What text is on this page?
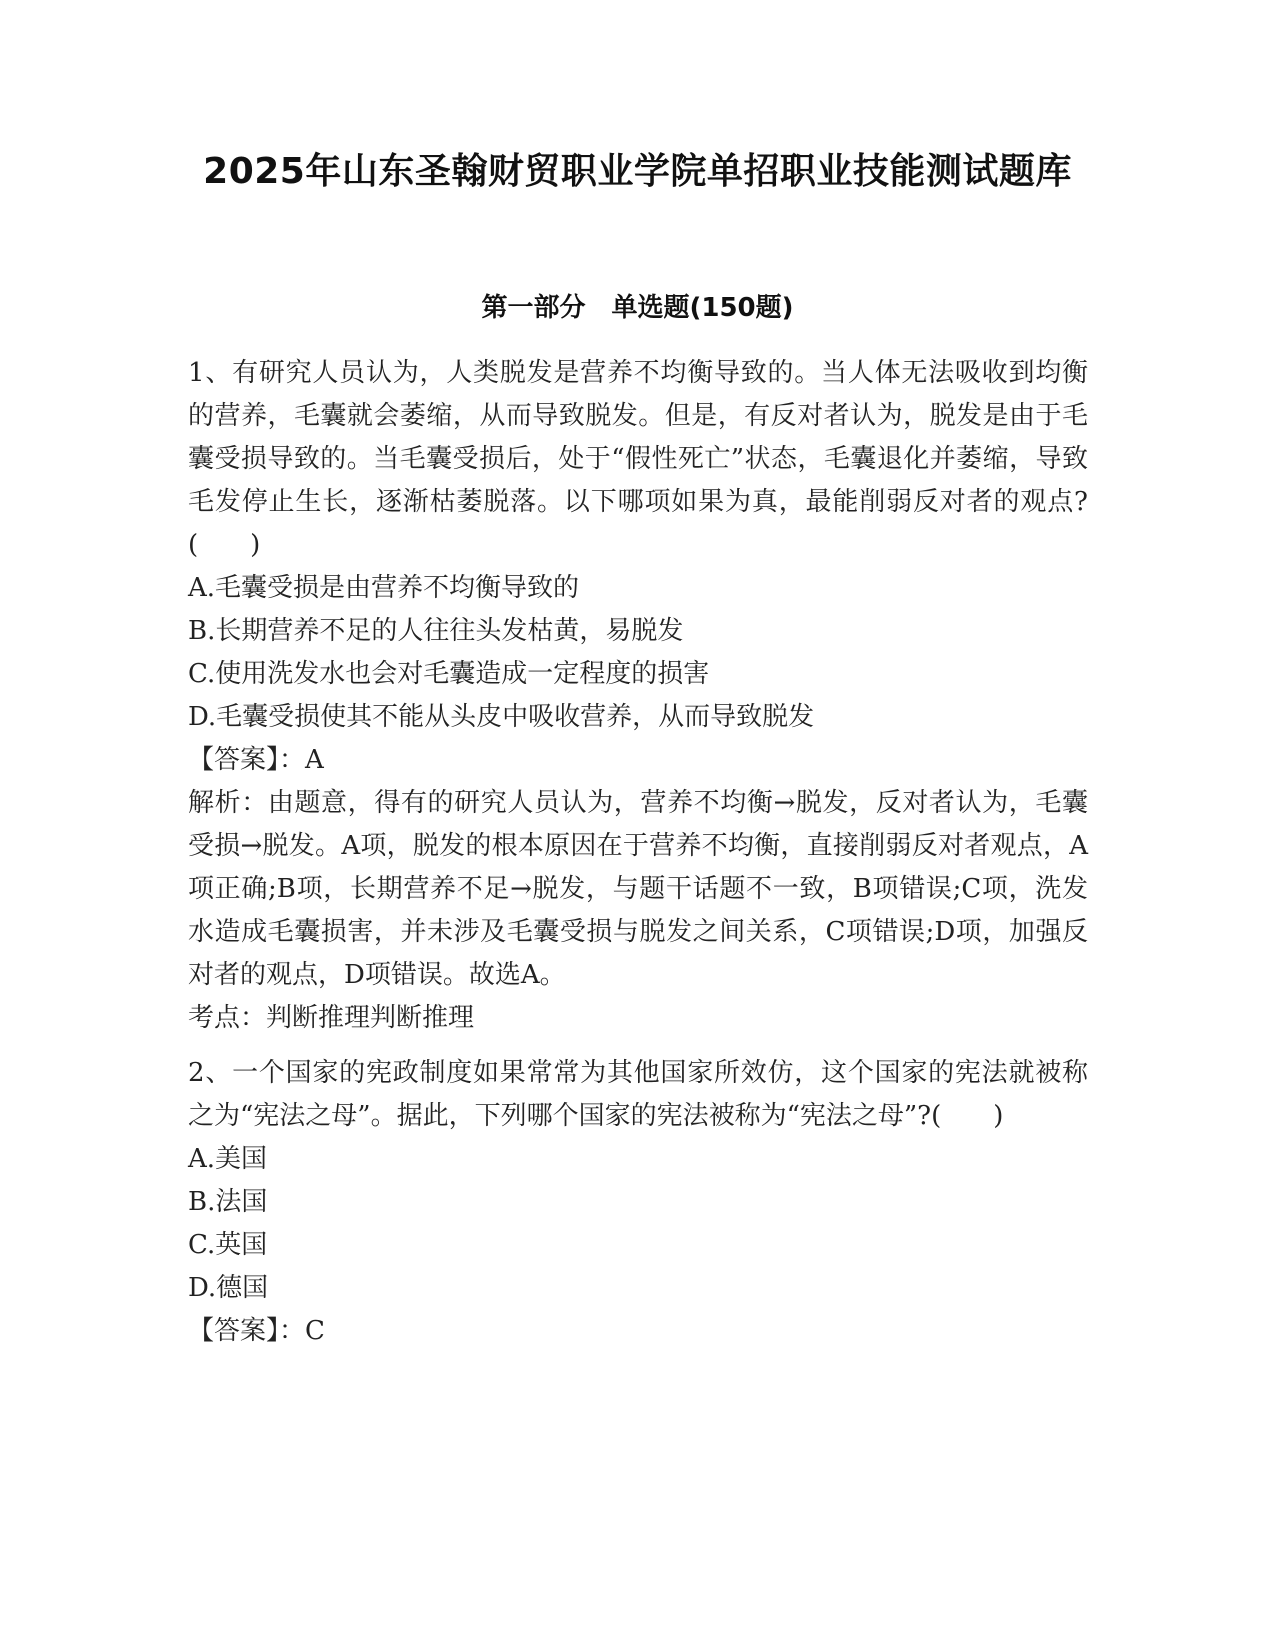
2025年山东圣翰财贸职业学院单招职业技能测试题库
第一部分　单选题(150题)

1、有研究人员认为，人类脱发是营养不均衡导致的。当人体无法吸收到均衡的营养，毛囊就会萎缩，从而导致脱发。但是，有反对者认为，脱发是由于毛囊受损导致的。当毛囊受损后，处于“假性死亡”状态，毛囊退化并萎缩，导致毛发停止生长，逐渐枯萎脱落。以下哪项如果为真，最能削弱反对者的观点?(　　)

A.毛囊受损是由营养不均衡导致的

B.长期营养不足的人往往头发枯黄，易脱发

C.使用洗发水也会对毛囊造成一定程度的损害

D.毛囊受损使其不能从头皮中吸收营养，从而导致脱发

【答案】：A

解析：由题意，得有的研究人员认为，营养不均衡→脱发，反对者认为，毛囊受损→脱发。A项，脱发的根本原因在于营养不均衡，直接削弱反对者观点，A项正确;B项，长期营养不足→脱发，与题干话题不一致，B项错误;C项，洗发水造成毛囊损害，并未涉及毛囊受损与脱发之间关系，C项错误;D项，加强反对者的观点，D项错误。故选A。

考点：判断推理判断推理

2、一个国家的宪政制度如果常常为其他国家所效仿，这个国家的宪法就被称之为“宪法之母”。据此，下列哪个国家的宪法被称为“宪法之母”?(　　)

A.美国

B.法国

C.英国

D.德国

【答案】：C
